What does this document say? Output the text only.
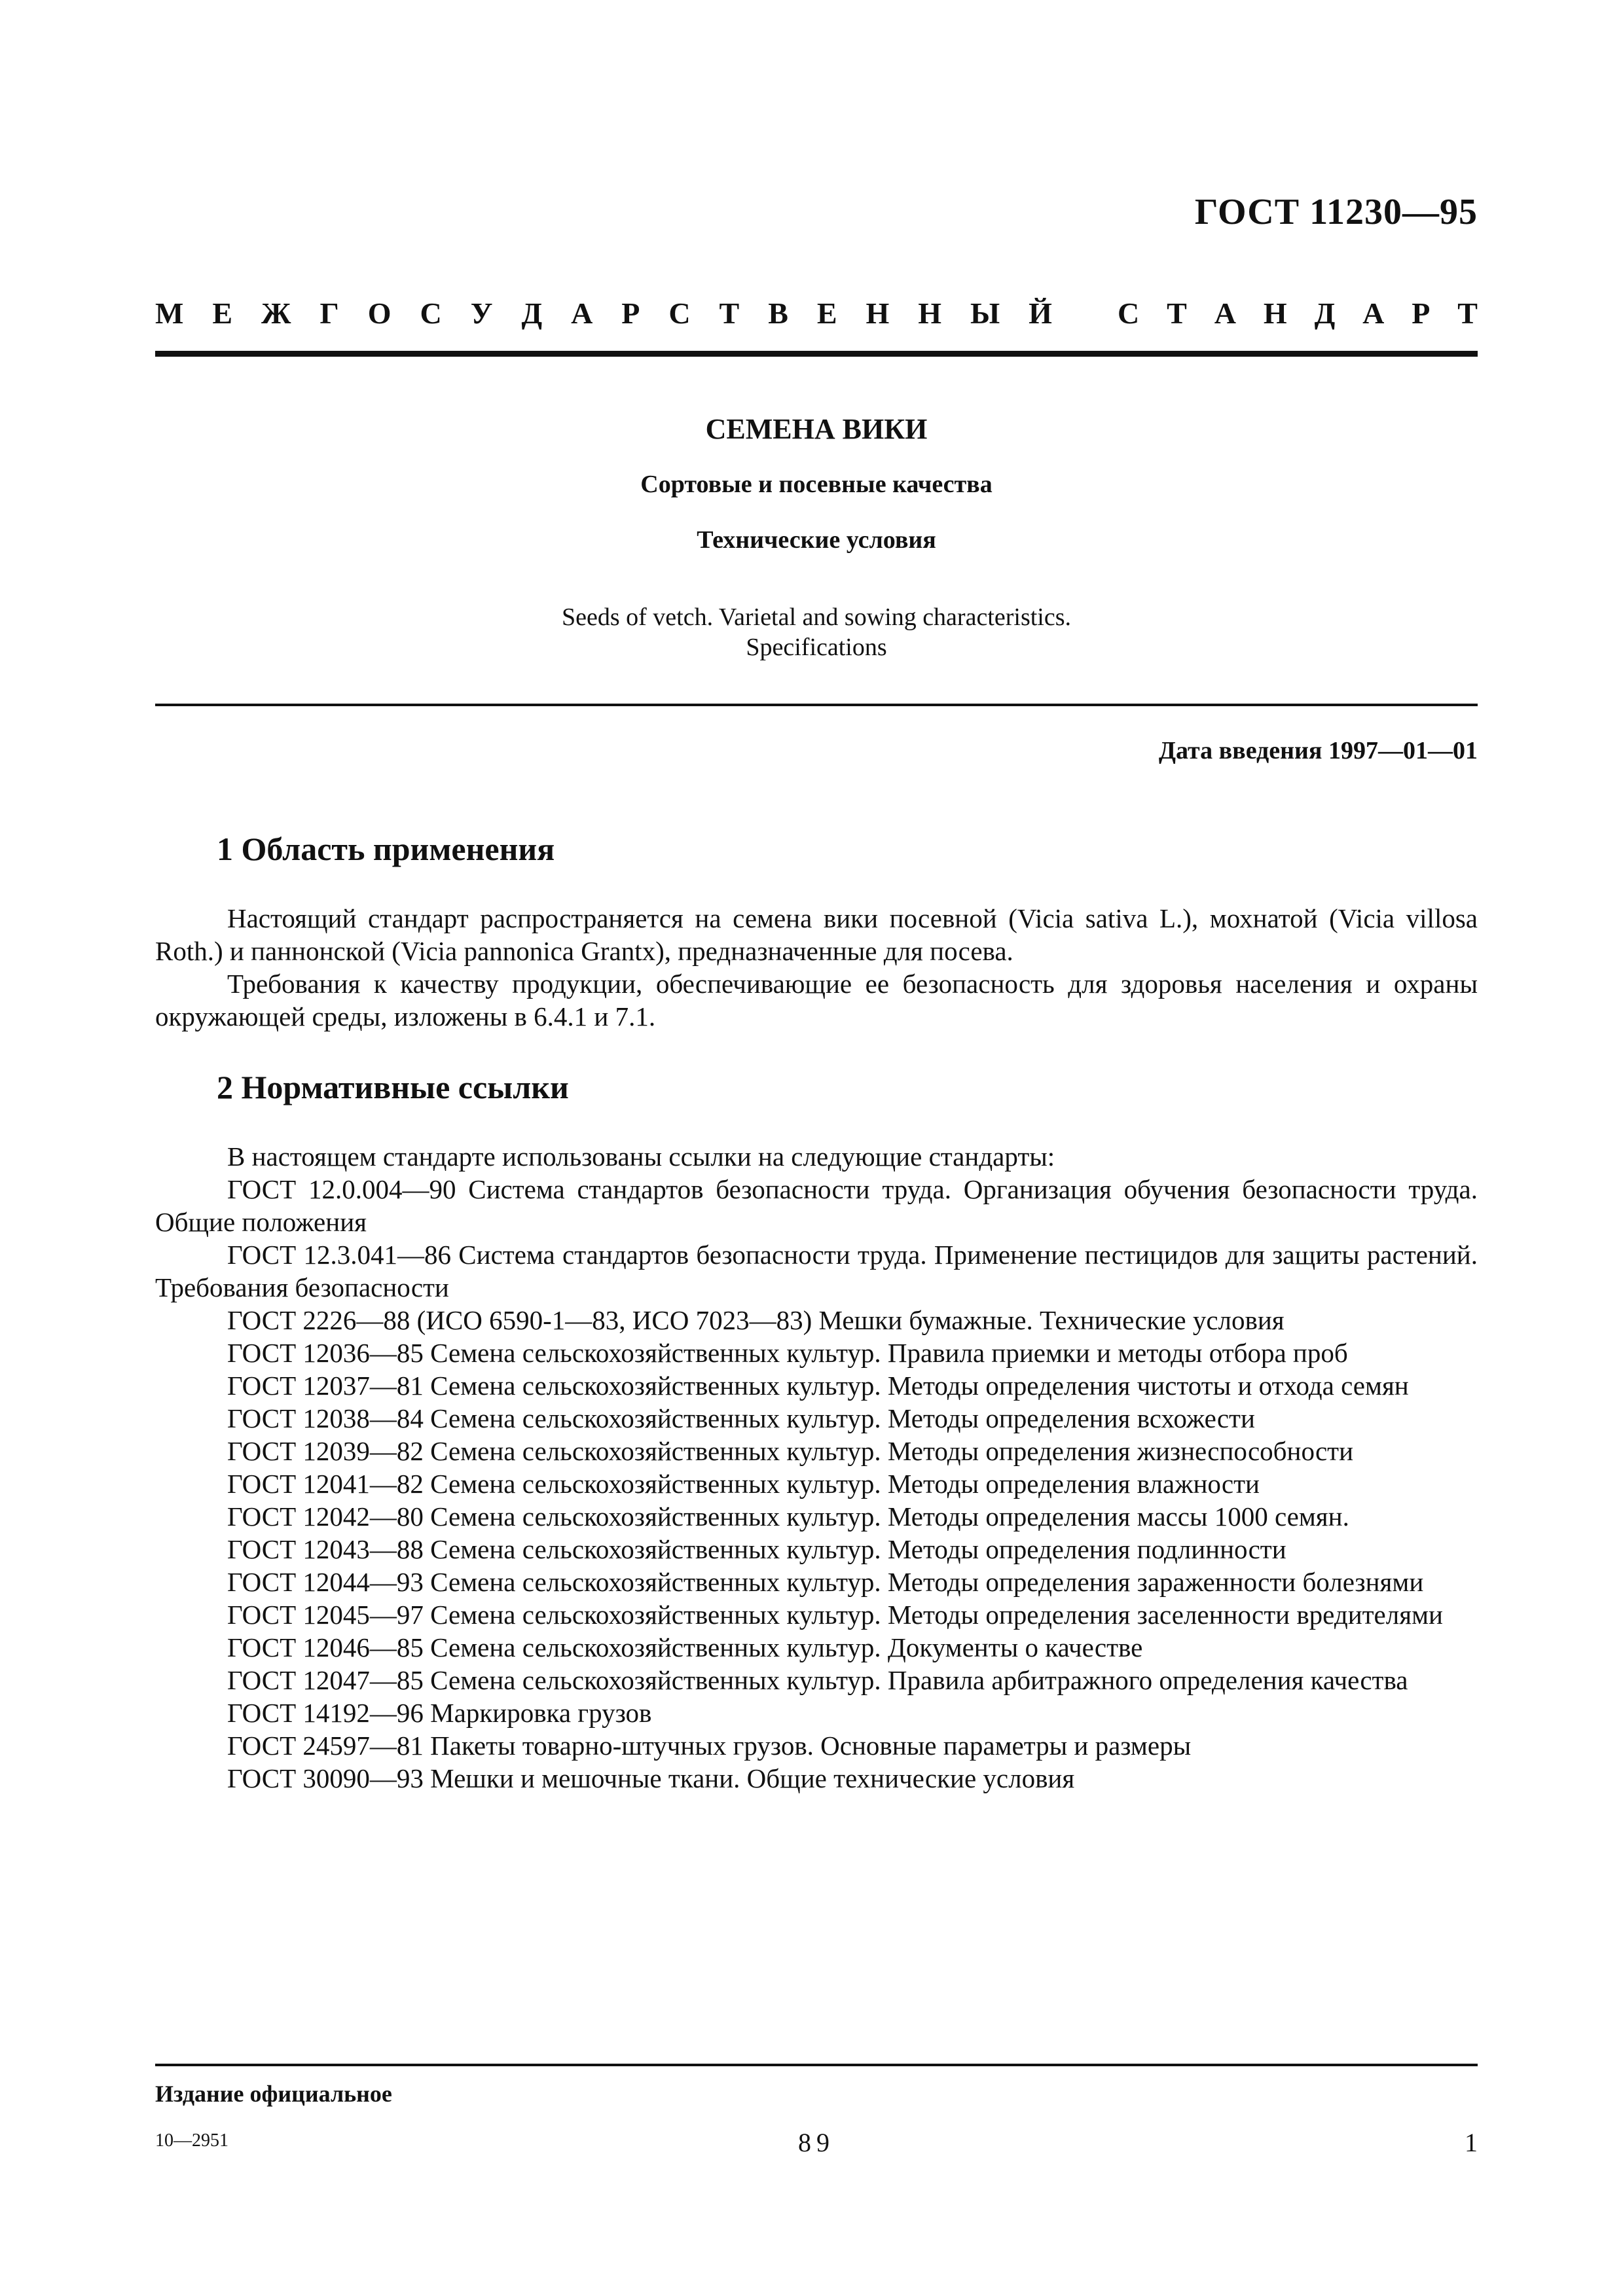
ГОСТ 11230—95
М Е Ж Г О С У Д А Р С Т В Е Н Н Ы Й С Т А Н Д А Р Т
СЕМЕНА ВИКИ
Сортовые и посевные качества
Технические условия
Seeds of vetch. Varietal and sowing characteristics.
Specifications
Дата введения 1997—01—01
1 Область применения

Настоящий стандарт распространяется на семена вики посевной (Vicia sativa L.), мохнатой (Vicia villosa Roth.) и паннонской (Vicia pannonica Grantx), предназначенные для посева.

Требования к качеству продукции, обеспечивающие ее безопасность для здоровья населения и охраны окружающей среды, изложены в 6.4.1 и 7.1.

2 Нормативные ссылки

В настоящем стандарте использованы ссылки на следующие стандарты:

ГОСТ 12.0.004—90 Система стандартов безопасности труда. Организация обучения безопасности труда. Общие положения

ГОСТ 12.3.041—86 Система стандартов безопасности труда. Применение пестицидов для защиты растений. Требования безопасности

ГОСТ 2226—88 (ИСО 6590-1—83, ИСО 7023—83) Мешки бумажные. Технические условия

ГОСТ 12036—85 Семена сельскохозяйственных культур. Правила приемки и методы отбора проб

ГОСТ 12037—81 Семена сельскохозяйственных культур. Методы определения чистоты и отхода семян

ГОСТ 12038—84 Семена сельскохозяйственных культур. Методы определения всхожести

ГОСТ 12039—82 Семена сельскохозяйственных культур. Методы определения жизнеспособности

ГОСТ 12041—82 Семена сельскохозяйственных культур. Методы определения влажности

ГОСТ 12042—80 Семена сельскохозяйственных культур. Методы определения массы 1000 семян.

ГОСТ 12043—88 Семена сельскохозяйственных культур. Методы определения подлинности

ГОСТ 12044—93 Семена сельскохозяйственных культур. Методы определения зараженности болезнями

ГОСТ 12045—97 Семена сельскохозяйственных культур. Методы определения заселенности вредителями

ГОСТ 12046—85 Семена сельскохозяйственных культур. Документы о качестве

ГОСТ 12047—85 Семена сельскохозяйственных культур. Правила арбитражного определения качества

ГОСТ 14192—96 Маркировка грузов

ГОСТ 24597—81 Пакеты товарно-штучных грузов. Основные параметры и размеры

ГОСТ 30090—93 Мешки и мешочные ткани. Общие технические условия

Издание официальное
10—2951	89	1
